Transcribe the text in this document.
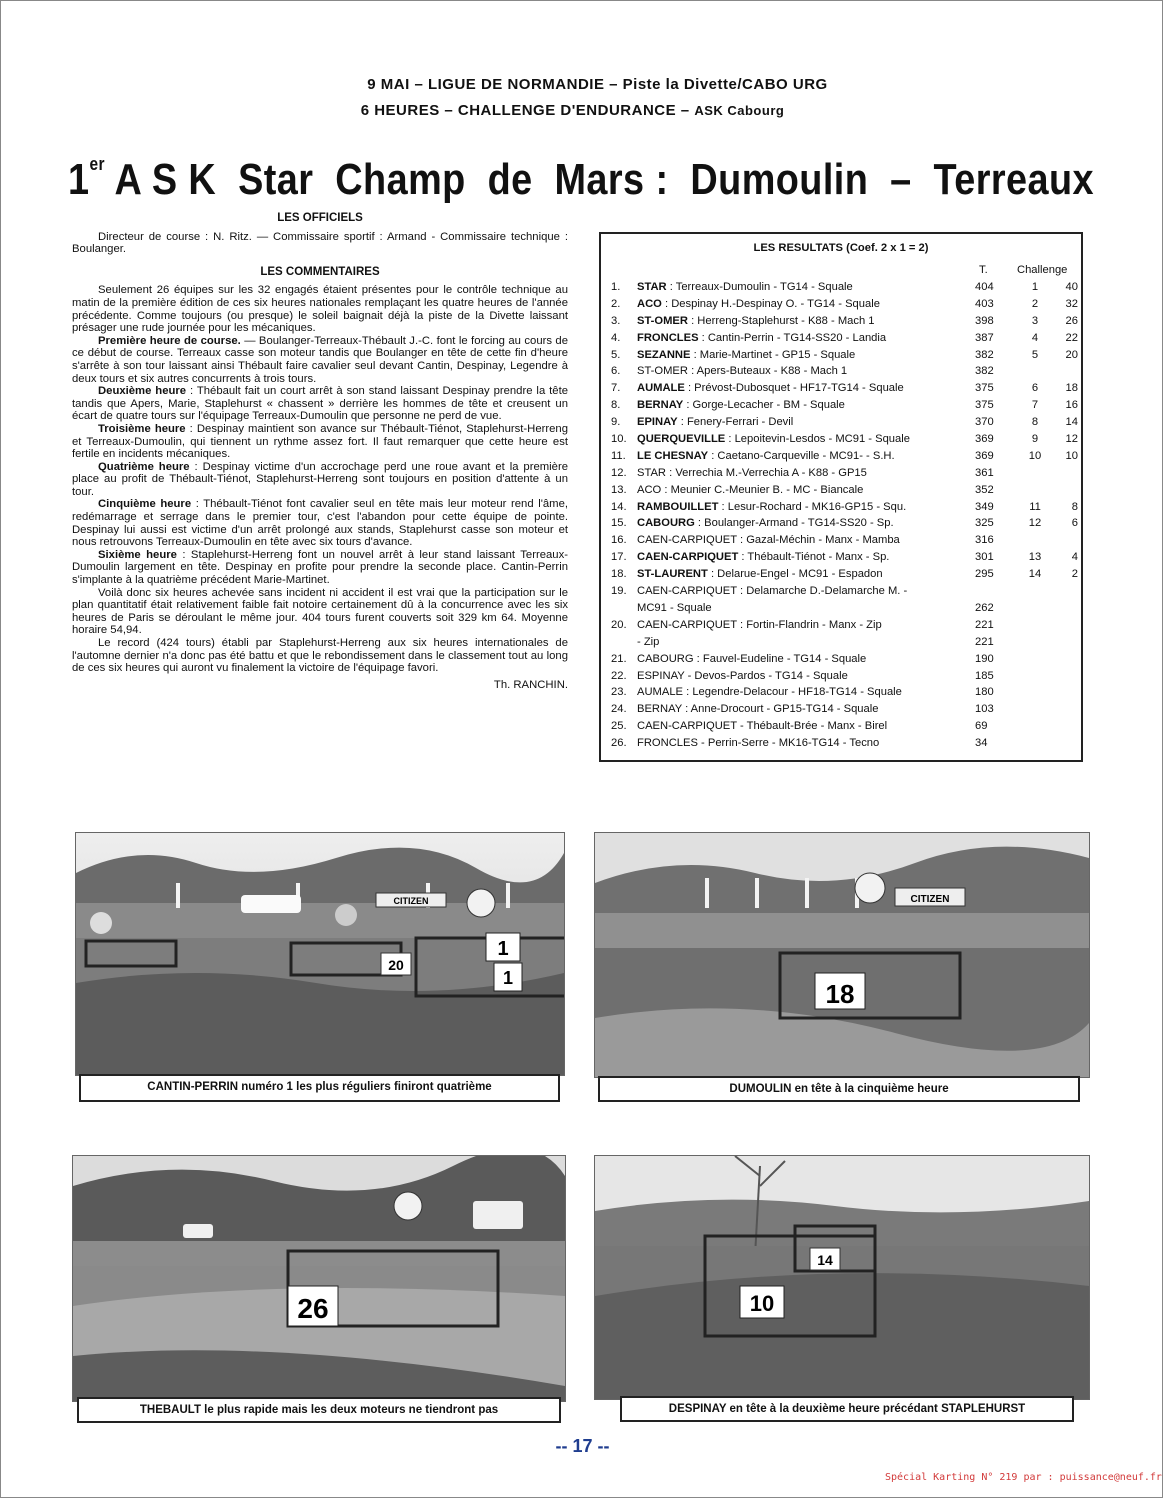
9 MAI – LIGUE DE NORMANDIE – Piste la Divette/CABO URG
6 HEURES – CHALLENGE D'ENDURANCE – ASK Cabourg
1er A S K  Star  Champ  de  Mars :  Dumoulin  –  Terreaux
LES OFFICIELS

Directeur de course : N. Ritz. — Commissaire sportif : Armand - Commissaire technique : Boulanger.

LES COMMENTAIRES

Seulement 26 équipes sur les 32 engagés étaient présentes pour le contrôle technique au matin de la première édition de ces six heures nationales remplaçant les quatre heures de l'année précédente. Comme toujours (ou presque) le soleil baignait déjà la piste de la Divette laissant présager une rude journée pour les mécaniques.

Première heure de course. — Boulanger-Terreaux-Thébault J.-C. font le forcing au cours de ce début de course. Terreaux casse son moteur tandis que Boulanger en tête de cette fin d'heure s'arrête à son tour laissant ainsi Thébault faire cavalier seul devant Cantin, Despinay, Legendre à deux tours et six autres concurrents à trois tours.

Deuxième heure : Thébault fait un court arrêt à son stand laissant Despinay prendre la tête tandis que Apers, Marie, Staplehurst « chassent » derrière les hommes de tête et creusent un écart de quatre tours sur l'équipage Terreaux-Dumoulin que personne ne perd de vue.

Troisième heure : Despinay maintient son avance sur Thébault-Tiénot, Staplehurst-Herreng et Terreaux-Dumoulin, qui tiennent un rythme assez fort. Il faut remarquer que cette heure est fertile en incidents mécaniques.

Quatrième heure : Despinay victime d'un accrochage perd une roue avant et la première place au profit de Thébault-Tiénot, Staplehurst-Herreng sont toujours en position d'attente à un tour.

Cinquième heure : Thébault-Tiénot font cavalier seul en tête mais leur moteur rend l'âme, redémarrage et serrage dans le premier tour, c'est l'abandon pour cette équipe de pointe. Despinay lui aussi est victime d'un arrêt prolongé aux stands, Staplehurst casse son moteur et nous retrouvons Terreaux-Dumoulin en tête avec six tours d'avance.

Sixième heure : Staplehurst-Herreng font un nouvel arrêt à leur stand laissant Terreaux-Dumoulin largement en tête. Despinay en profite pour prendre la seconde place. Cantin-Perrin s'implante à la quatrième précédent Marie-Martinet.

Voilà donc six heures achevée sans incident ni accident il est vrai que la participation sur le plan quantitatif était relativement faible fait notoire certainement dû à la concurrence avec les six heures de Paris se déroulant le même jour. 404 tours furent couverts soit 329 km 64. Moyenne horaire 54,94.

Le record (424 tours) établi par Staplehurst-Herreng aux six heures internationales de l'automne dernier n'a donc pas été battu et que le rebondissement dans le classement tout au long de ces six heures qui auront vu finalement la victoire de l'équipage favori.

Th. RANCHIN.

LES RESULTATS (Coef. 2 x 1 = 2)
T.	Challenge
1.	STAR : Terreaux-Dumoulin - TG14 - Squale	404	1	40
2.	ACO : Despinay H.-Despinay O. - TG14 - Squale	403	2	32
3.	ST-OMER : Herreng-Staplehurst - K88 - Mach 1	398	3	26
4.	FRONCLES : Cantin-Perrin - TG14-SS20 - Landia	387	4	22
5.	SEZANNE : Marie-Martinet - GP15 - Squale	382	5	20
6.	ST-OMER : Apers-Buteaux - K88 - Mach 1	382
7.	AUMALE : Prévost-Dubosquet - HF17-TG14 - Squale	375	6	18
8.	BERNAY : Gorge-Lecacher - BM - Squale	375	7	16
9.	EPINAY : Fenery-Ferrari - Devil	370	8	14
10. QUERQUEVILLE : Lepoitevin-Lesdos - MC91 - Squale	369	9	12
11.	LE CHESNAY : Caetano-Carqueville - MC91- - S.H.	369	10	10
12. STAR : Verrechia M.-Verrechia A - K88 - GP15	361
13. ACO : Meunier C.-Meunier B. - MC - Biancale	352
14. RAMBOUILLET : Lesur-Rochard - MK16-GP15 - Squ.	349	11	8
15. CABOURG : Boulanger-Armand - TG14-SS20 - Sp.	325	12	6
16. CAEN-CARPIQUET : Gazal-Méchin - Manx - Mamba	316
17. CAEN-CARPIQUET : Thébault-Tiénot - Manx - Sp.	301	13	4
18. ST-LAURENT : Delarue-Engel - MC91 - Espadon	295	14	2
19. CAEN-CARPIQUET : Delamarche D.-Delamarche M. -
MC91 - Squale	262
20. CAEN-CARPIQUET : Fortin-Flandrin - Manx - Zip	221
- Zip	221
21. CABOURG : Fauvel-Eudeline - TG14 - Squale	190
22. ESPINAY - Devos-Pardos - TG14 - Squale	185
23. AUMALE : Legendre-Delacour - HF18-TG14 - Squale	180
24. BERNAY : Anne-Drocourt - GP15-TG14 - Squale	103
25. CAEN-CARPIQUET - Thébault-Brée - Manx - Birel	69
26. FRONCLES - Perrin-Serre - MK16-TG14 - Tecno	34
CITIZEN
1
1
20
CANTIN-PERRIN numéro 1 les plus réguliers finiront quatrième
CITIZEN
18
DUMOULIN en tête à la cinquième heure
26
THEBAULT le plus rapide mais les deux moteurs ne tiendront pas
10
14
DESPINAY en tête à la deuxième heure précédant STAPLEHURST
-- 17 --
Spécial Karting N° 219 par : puissance@neuf.fr
